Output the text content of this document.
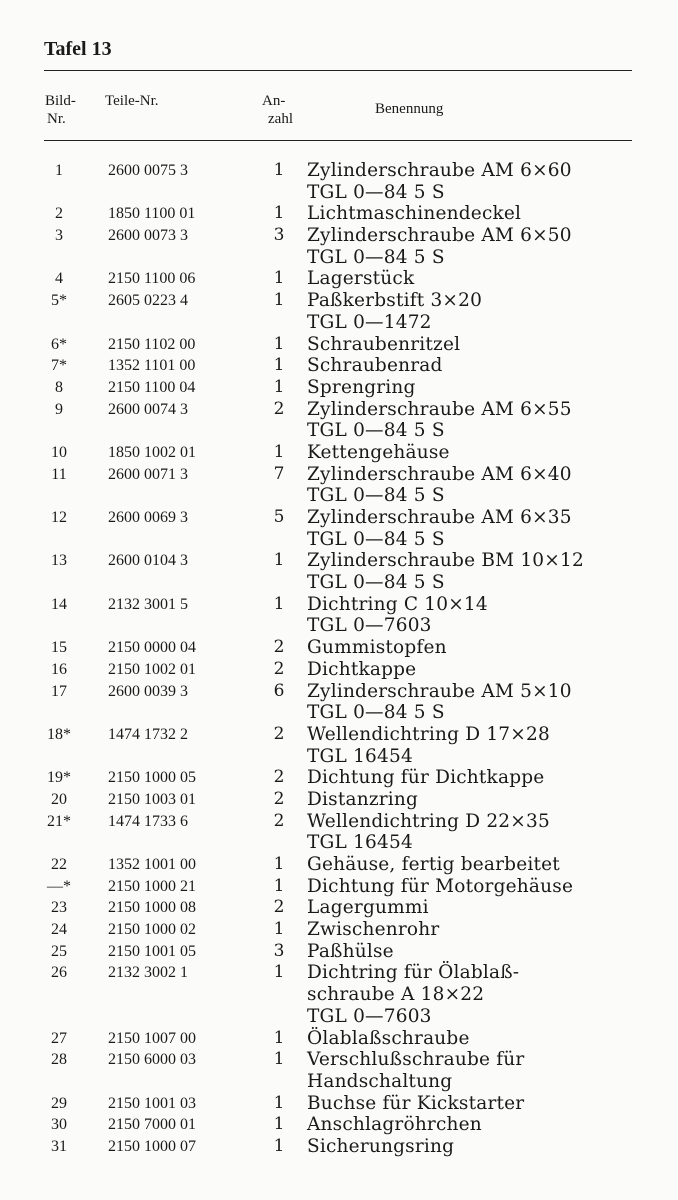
Tafel 13
Bild-
Nr.
Teile-Nr.	An-
zahl
Benennung
1	2600 0075 3	1 Zylinderschraube AM 6×60
TGL 0—84 5 S
2	1850 1100 01	1 Lichtmaschinendeckel
3	2600 0073 3	3 Zylinderschraube AM 6×50
TGL 0—84 5 S
4	2150 1100 06	1 Lagerstück
5*	2605 0223 4	1 Paßkerbstift 3×20
TGL 0—1472
6*	2150 1102 00	1 Schraubenritzel
7*	1352 1101 00	1 Schraubenrad
8	2150 1100 04	1 Sprengring
9	2600 0074 3	2 Zylinderschraube AM 6×55
TGL 0—84 5 S
10	1850 1002 01	1 Kettengehäuse
11	2600 0071 3	7 Zylinderschraube AM 6×40
TGL 0—84 5 S
12	2600 0069 3	5 Zylinderschraube AM 6×35
TGL 0—84 5 S
13	2600 0104 3	1 Zylinderschraube BM 10×12
TGL 0—84 5 S
14	2132 3001 5	1 Dichtring C 10×14
TGL 0—7603
15	2150 0000 04	2 Gummistopfen
16	2150 1002 01	2 Dichtkappe
17	2600 0039 3	6 Zylinderschraube AM 5×10
TGL 0—84 5 S
18*	1474 1732 2	2 Wellendichtring D 17×28
TGL 16454
19*	2150 1000 05	2 Dichtung für Dichtkappe
20	2150 1003 01	2 Distanzring
21*	1474 1733 6	2 Wellendichtring D 22×35
TGL 16454
22	1352 1001 00	1 Gehäuse, fertig bearbeitet
—*	2150 1000 21	1 Dichtung für Motorgehäuse
23	2150 1000 08	2 Lagergummi
24	2150 1000 02	1 Zwischenrohr
25	2150 1001 05	3 Paßhülse
26	2132 3002 1	1 Dichtring für Ölablaß-
schraube A 18×22
TGL 0—7603
27	2150 1007 00	1 Ölablaßschraube
28	2150 6000 03	1 Verschlußschraube für
Handschaltung
29	2150 1001 03	1 Buchse für Kickstarter
30	2150 7000 01	1 Anschlagröhrchen
31	2150 1000 07	1 Sicherungsring
